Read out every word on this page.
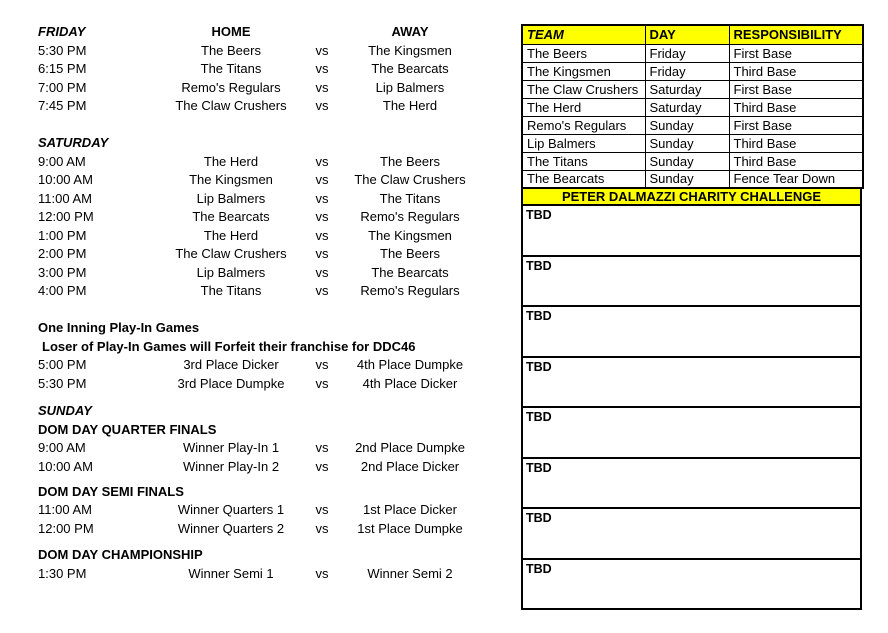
FRIDAY	HOME	AWAY
5:30 PM	The Beers	vs	The Kingsmen
6:15 PM	The Titans	vs	The Bearcats
7:00 PM	Remo's Regulars	vs	Lip Balmers
7:45 PM	The Claw Crushers	vs	The Herd
SATURDAY
9:00 AM	The Herd	vs	The Beers
10:00 AM	The Kingsmen	vs	The Claw Crushers
11:00 AM	Lip Balmers	vs	The Titans
12:00 PM	The Bearcats	vs	Remo's Regulars
1:00 PM	The Herd	vs	The Kingsmen
2:00 PM	The Claw Crushers	vs	The Beers
3:00 PM	Lip Balmers	vs	The Bearcats
4:00 PM	The Titans	vs	Remo's Regulars
One Inning Play-In Games
Loser of Play-In Games will Forfeit their franchise for DDC46
5:00 PM	3rd Place Dicker	vs	4th Place Dumpke
5:30 PM	3rd Place Dumpke	vs	4th Place Dicker
SUNDAY
DOM DAY QUARTER FINALS
9:00 AM	Winner Play-In 1	vs	2nd Place Dumpke
10:00 AM	Winner Play-In 2	vs	2nd Place Dicker
DOM DAY SEMI FINALS
11:00 AM	Winner Quarters 1	vs	1st Place Dicker
12:00 PM	Winner Quarters 2	vs	1st Place Dumpke
DOM DAY CHAMPIONSHIP
1:30 PM	Winner Semi 1	vs	Winner Semi 2
TEAM	DAY	RESPONSIBILITY
The Beers	Friday	First Base
The Kingsmen	Friday	Third Base
The Claw Crushers	Saturday	First Base
The Herd	Saturday	Third Base
Remo's Regulars	Sunday	First Base
Lip Balmers	Sunday	Third Base
The Titans	Sunday	Third Base
The Bearcats	Sunday	Fence Tear Down
PETER DALMAZZI CHARITY CHALLENGE
TBD
TBD
TBD
TBD
TBD
TBD
TBD
TBD
